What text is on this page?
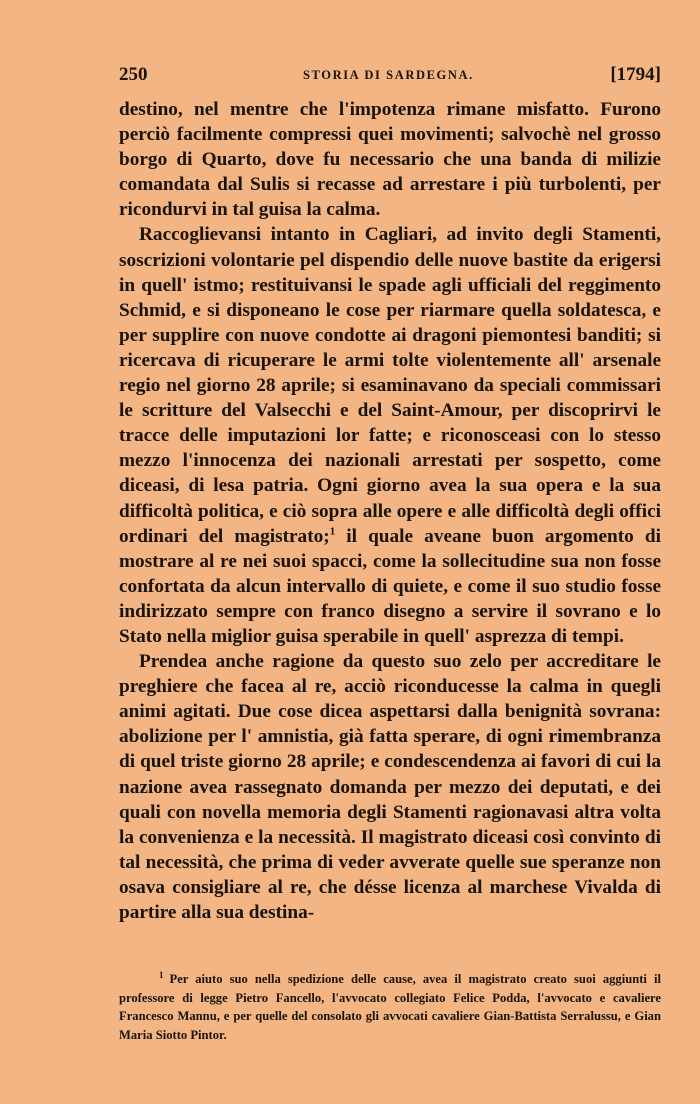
250	STORIA DI SARDEGNA.	[1794]

destino, nel mentre che l'impotenza rimane misfatto. Furono perciò facilmente compressi quei movimenti; salvochè nel grosso borgo di Quarto, dove fu necessario che una banda di milizie comandata dal Sulis si recasse ad arrestare i più turbolenti, per ricondurvi in tal guisa la calma.

Raccoglievansi intanto in Cagliari, ad invito degli Stamenti, soscrizioni volontarie pel dispendio delle nuove bastite da erigersi in quell' istmo; restituivansi le spade agli ufficiali del reggimento Schmid, e si disponeano le cose per riarmare quella soldatesca, e per supplire con nuove condotte ai dragoni piemontesi banditi; si ricercava di ricuperare le armi tolte violentemente all' arsenale regio nel giorno 28 aprile; si esaminavano da speciali commissari le scritture del Valsecchi e del Saint-Amour, per discoprirvi le tracce delle imputazioni lor fatte; e riconosceasi con lo stesso mezzo l'innocenza dei nazionali arrestati per sospetto, come diceasi, di lesa patria. Ogni giorno avea la sua opera e la sua difficoltà politica, e ciò sopra alle opere e alle difficoltà degli offici ordinari del magistrato;$^1$ il quale aveane buon argomento di mostrare al re nei suoi spacci, come la sollecitudine sua non fosse confortata da alcun intervallo di quiete, e come il suo studio fosse indirizzato sempre con franco disegno a servire il sovrano e lo Stato nella miglior guisa sperabile in quell' asprezza di tempi.

Prendea anche ragione da questo suo zelo per accreditare le preghiere che facea al re, acciò riconducesse la calma in quegli animi agitati. Due cose dicea aspettarsi dalla benignità sovrana: abolizione per l' amnistia, già fatta sperare, di ogni rimembranza di quel triste giorno 28 aprile; e condescendenza ai favori di cui la nazione avea rassegnato domanda per mezzo dei deputati, e dei quali con novella memoria degli Stamenti ragionavasi altra volta la convenienza e la necessità. Il magistrato diceasi così convinto di tal necessità, che prima di veder avverate quelle sue speranze non osava consigliare al re, che désse licenza al marchese Vivalda di partire alla sua destina-

$^1$ Per aiuto suo nella spedizione delle cause, avea il magistrato creato suoi aggiunti il professore di legge Pietro Fancello, l'avvocato collegiato Felice Podda, l'avvocato e cavaliere Francesco Mannu, e per quelle del consolato gli avvocati cavaliere Gian-Battista Serralussu, e Gian Maria Siotto Pintor.
